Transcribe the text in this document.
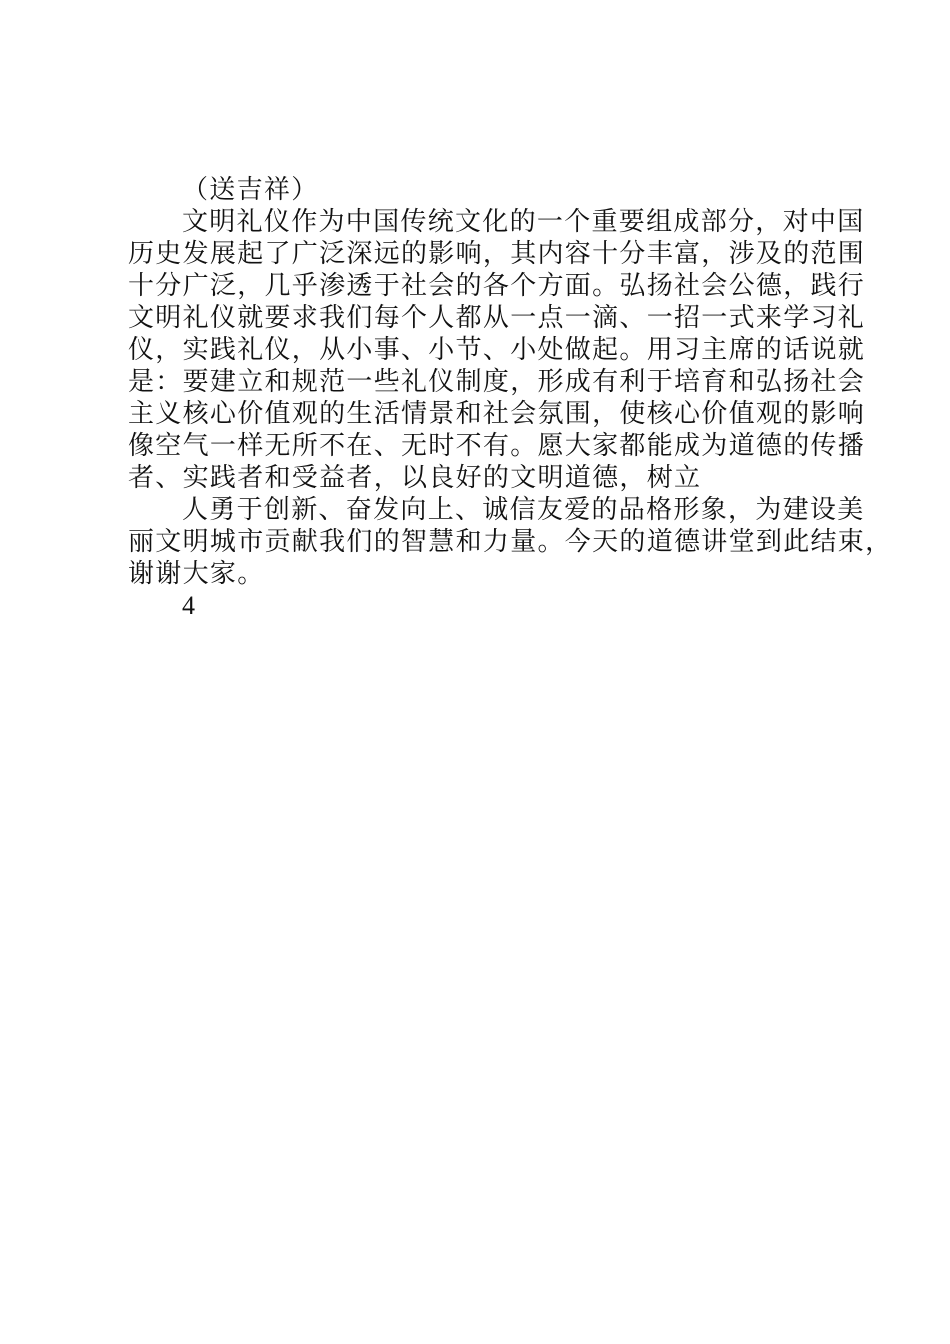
（送吉祥）
文明礼仪作为中国传统文化的一个重要组成部分，对中国
历史发展起了广泛深远的影响，其内容十分丰富，涉及的范围
十分广泛，几乎渗透于社会的各个方面。弘扬社会公德，践行
文明礼仪就要求我们每个人都从一点一滴、一招一式来学习礼
仪，实践礼仪，从小事、小节、小处做起。用习主席的话说就
是：要建立和规范一些礼仪制度，形成有利于培育和弘扬社会
主义核心价值观的生活情景和社会氛围，使核心价值观的影响
像空气一样无所不在、无时不有。愿大家都能成为道德的传播
者、实践者和受益者，以良好的文明道德，树立
人勇于创新、奋发向上、诚信友爱的品格形象，为建设美
丽文明城市贡献我们的智慧和力量。今天的道德讲堂到此结束，
谢谢大家。
4
